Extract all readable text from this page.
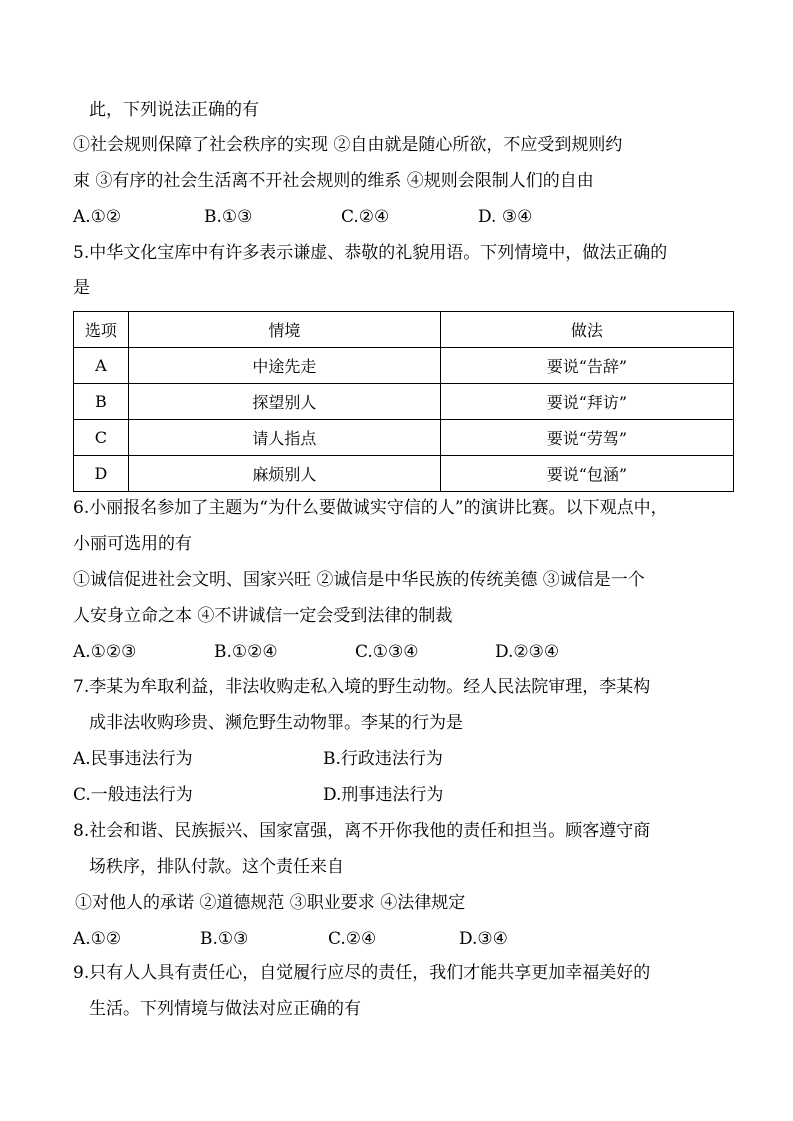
此，下列说法正确的有
①社会规则保障了社会秩序的实现 ②自由就是随心所欲，不应受到规则约
束 ③有序的社会生活离不开社会规则的维系 ④规则会限制人们的自由
A.①②	B.①③	C.②④	D. ③④
5.中华文化宝库中有许多表示谦虚、恭敬的礼貌用语。下列情境中，做法正确的
是
选项	情境	做法
A	中途先走	要说“告辞”
B	探望别人	要说“拜访”
C	请人指点	要说“劳驾”
D	麻烦别人	要说“包涵”
6.小丽报名参加了主题为“为什么要做诚实守信的人”的演讲比赛。以下观点中，
小丽可选用的有
①诚信促进社会文明、国家兴旺 ②诚信是中华民族的传统美德 ③诚信是一个
人安身立命之本 ④不讲诚信一定会受到法律的制裁
A.①②③	B.①②④	C.①③④	D.②③④
7.李某为牟取利益，非法收购走私入境的野生动物。经人民法院审理，李某构
成非法收购珍贵、濒危野生动物罪。李某的行为是
A.民事违法行为	B.行政违法行为
C.一般违法行为	D.刑事违法行为
8.社会和谐、民族振兴、国家富强，离不开你我他的责任和担当。顾客遵守商
场秩序，排队付款。这个责任来自
①对他人的承诺 ②道德规范 ③职业要求 ④法律规定
A.①②	B.①③	C.②④	D.③④
9.只有人人具有责任心，自觉履行应尽的责任，我们才能共享更加幸福美好的
生活。下列情境与做法对应正确的有
